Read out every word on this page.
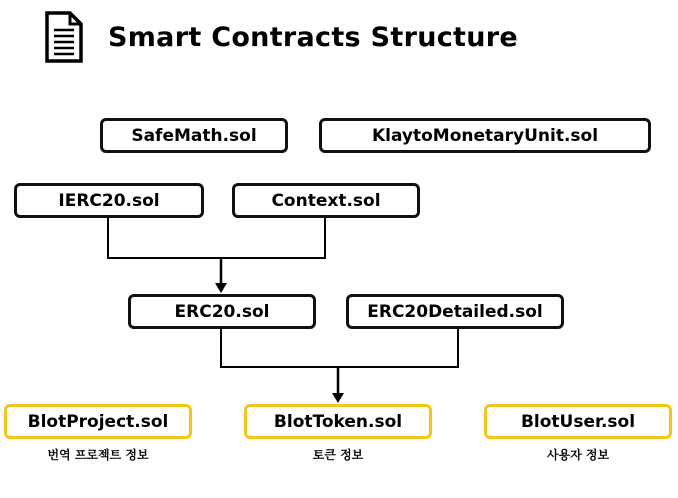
Smart Contracts Structure
SafeMath.sol	KlaytoMonetaryUnit.sol
IERC20.sol	Context.sol
ERC20.sol	ERC20Detailed.sol
BlotProject.sol	BlotToken.sol	BlotUser.sol
번역 프로젝트 정보	토큰 정보	사용자 정보
